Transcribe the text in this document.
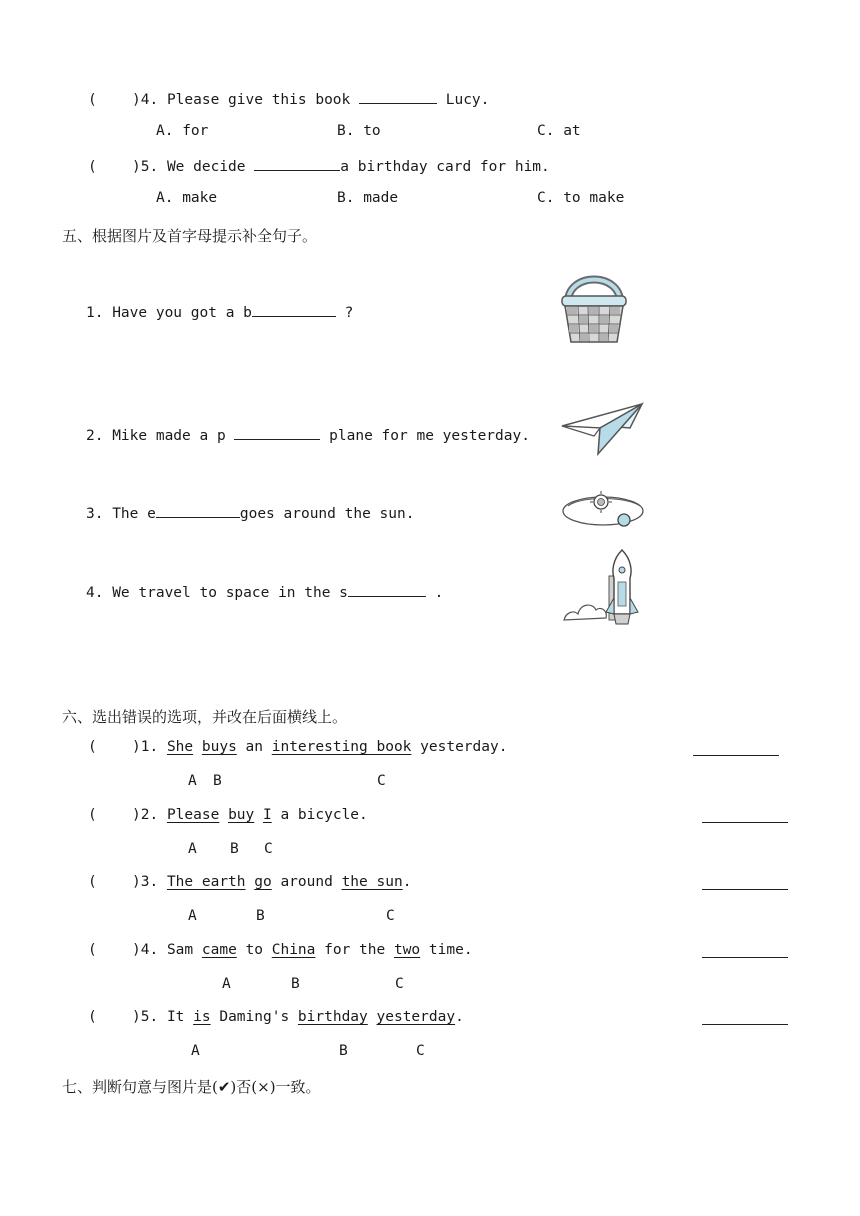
( )4. Please give this book	Lucy.
A. for	B. to	C. at
( )5. We decide	a birthday card for him.
A. make	B. made	C. to make
五、根据图片及首字母提示补全句子。
1. Have you got a b	?
2. Mike made a p	plane for me yesterday.
3. The e	goes around the sun.
4. We travel to space in the s	.
六、选出错误的选项，并改在后面横线上。
( )1. She buys an interesting book yesterday.
A B	C
( )2. Please buy I a bicycle.
A B C
( )3. The earth go around the sun.
A	B	C
( )4. Sam came to China for the two time.
A	B	C
( )5. It is Daming's birthday yesterday.
A	B	C
七、判断句意与图片是(✔)否(×)一致。
